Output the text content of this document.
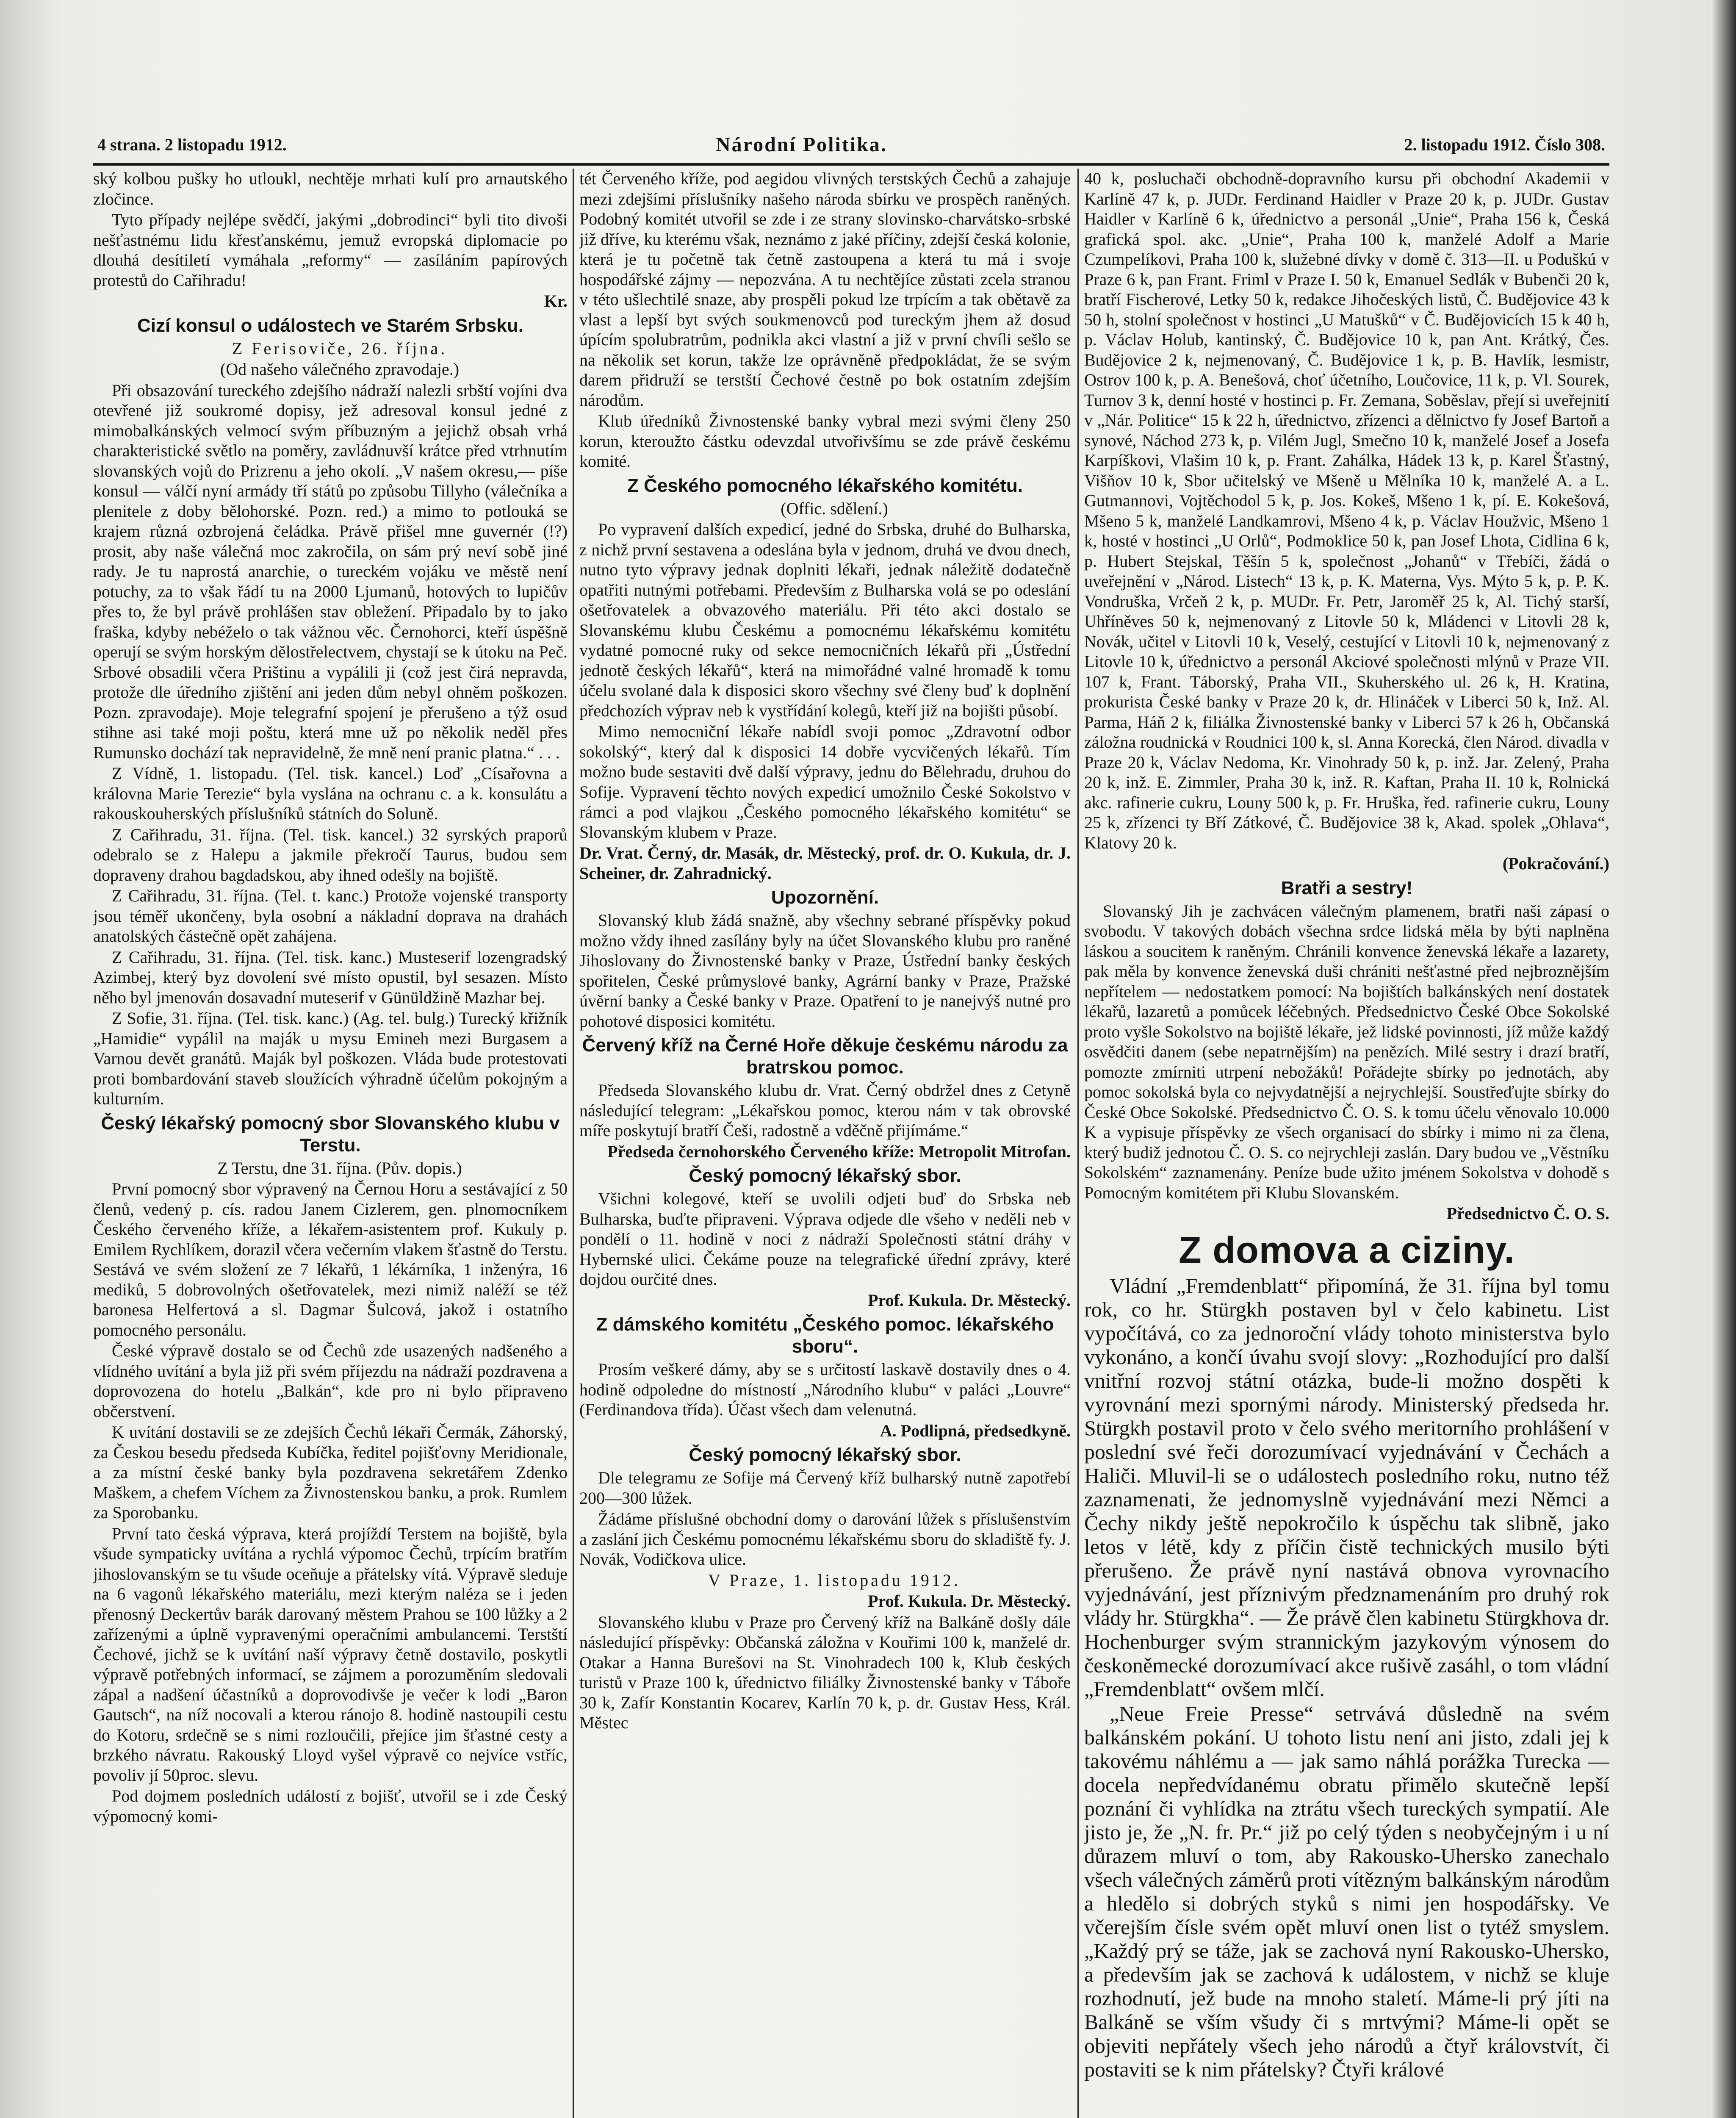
4 strana. 2 listopadu 1912.	Národní Politika.	2. listopadu 1912. Číslo 308.

ský kolbou pušky ho utloukl, nechtěje mrhati kulí pro arnautského zločince.

Tyto případy nejlépe svědčí, jakými „dobrodinci“ byli tito divoši nešťastnému lidu křesťanskému, jemuž evropská diplomacie po dlouhá desítiletí vymáhala „reformy“ — zasíláním papírových protestů do Cařihradu!

Kr.

Cizí konsul o událostech ve Starém Srbsku.

Z Ferisoviče, 26. října.

(Od našeho válečného zpravodaje.)

Při obsazování tureckého zdejšího nádraží nalezli srbští vojíni dva otevřené již soukromé dopisy, jež adresoval konsul jedné z mimobalkánských velmocí svým příbuzným a jejichž obsah vrhá charakteristické světlo na poměry, zavládnuvší krátce před vtrhnutím slovanských vojů do Prizrenu a jeho okolí. „V našem okresu,— píše konsul — válčí nyní armády tří států po způsobu Tillyho (válečníka a plenitele z doby bělohorské. Pozn. red.) a mimo to potlouká se krajem různá ozbrojená čeládka. Právě přišel mne guvernér (!?) prosit, aby naše válečná moc zakročila, on sám prý neví sobě jiné rady. Je tu naprostá anarchie, o tureckém vojáku ve městě není potuchy, za to však řádí tu na 2000 Ljumanů, hotových to lupičův přes to, že byl právě prohlášen stav obležení. Připadalo by to jako fraška, kdyby nebéželo o tak vážnou věc. Černohorci, kteří úspěšně operují se svým horským dělostřelectvem, chystají se k útoku na Peč. Srbové obsadili včera Prištinu a vypálili ji (což jest čirá nepravda, protože dle úředního zjištění ani jeden dům nebyl ohněm poškozen. Pozn. zpravodaje). Moje telegrafní spojení je přerušeno a týž osud stihne asi také moji poštu, která mne už po několik neděl přes Rumunsko dochází tak nepravidelně, že mně není pranic platna.“ . . .

Z Vídně, 1. listopadu. (Tel. tisk. kancel.) Loď „Císařovna a královna Marie Terezie“ byla vyslána na ochranu c. a k. konsulátu a rakouskouherských příslušníků státních do Soluně.

Z Cařihradu, 31. října. (Tel. tisk. kancel.) 32 syrských praporů odebralo se z Halepu a jakmile překročí Taurus, budou sem dopraveny drahou bagdadskou, aby ihned odešly na bojiště.

Z Cařihradu, 31. října. (Tel. t. kanc.) Protože vojenské transporty jsou téměř ukončeny, byla osobní a nákladní doprava na drahách anatolských částečně opět zahájena.

Z Cařihradu, 31. října. (Tel. tisk. kanc.) Musteserif lozengradský Azimbej, který byz dovolení své místo opustil, byl sesazen. Místo něho byl jmenován dosavadní muteserif v Günüldžině Mazhar bej.

Z Sofie, 31. října. (Tel. tisk. kanc.) (Ag. tel. bulg.) Turecký křižník „Hamidie“ vypálil na maják u mysu Emineh mezi Burgasem a Varnou devět granátů. Maják byl poškozen. Vláda bude protestovati proti bombardování staveb sloužících výhradně účelům pokojným a kulturním.

Český lékařský pomocný sbor Slovanského klubu v Terstu.

Z Terstu, dne 31. října. (Pův. dopis.)

První pomocný sbor výpravený na Černou Horu a sestávající z 50 členů, vedený p. cís. radou Janem Cizlerem, gen. plnomocníkem Českého červeného kříže, a lékařem-asistentem prof. Kukuly p. Emilem Rychlíkem, dorazil včera večerním vlakem šťastně do Terstu. Sestává ve svém složení ze 7 lékařů, 1 lékárníka, 1 inženýra, 16 mediků, 5 dobrovolných ošetřovatelek, mezi nimiž naléží se též baronesa Helfertová a sl. Dagmar Šulcová, jakož i ostatního pomocného personálu.

České výpravě dostalo se od Čechů zde usazených nadšeného a vlídného uvítání a byla již při svém příjezdu na nádraží pozdravena a doprovozena do hotelu „Balkán“, kde pro ni bylo připraveno občerstvení.

K uvítání dostavili se ze zdejších Čechů lékaři Čermák, Záhorský, za Českou besedu předseda Kubíčka, ředitel pojišťovny Meridionale, a za místní české banky byla pozdravena sekretářem Zdenko Maškem, a chefem Víchem za Živnostenskou banku, a prok. Rumlem za Sporobanku.

První tato česká výprava, která projíždí Terstem na bojiště, byla všude sympaticky uvítána a rychlá výpomoc Čechů, trpícím bratřím jihoslovanským se tu všude oceňuje a přátelsky vítá. Výpravě sleduje na 6 vagonů lékařského materiálu, mezi kterým naléza se i jeden přenosný Deckertův barák darovaný městem Prahou se 100 lůžky a 2 zařízenými a úplně vypravenými operačními ambulancemi. Terstští Čechové, jichž se k uvítání naší výpravy četně dostavilo, poskytli výpravě potřebných informací, se zájmem a porozuměním sledovali zápal a nadšení účastníků a doprovodivše je večer k lodi „Baron Gautsch“, na níž nocovali a kterou ránojo 8. hodině nastoupili cestu do Kotoru, srdečně se s nimi rozloučili, přejíce jim šťastné cesty a brzkého návratu. Rakouský Lloyd vyšel výpravě co nejvíce vstříc, povoliv jí 50proc. slevu.

Pod dojmem posledních událostí z bojišť, utvořil se i zde Český výpomocný komi-

tét Červeného kříže, pod aegidou vlivných terstských Čechů a zahajuje mezi zdejšími příslušníky našeho národa sbírku ve prospěch raněných. Podobný komitét utvořil se zde i ze strany slovinsko-charvátsko-srbské již dříve, ku kterému však, neznámo z jaké příčiny, zdejší česká kolonie, která je tu početně tak četně zastoupena a která tu má i svoje hospodářské zájmy — nepozvána. A tu nechtějíce zůstati zcela stranou v této ušlechtilé snaze, aby prospěli pokud lze trpícím a tak obětavě za vlast a lepší byt svých soukmenovců pod tureckým jhem až dosud úpícím spolubratrům, podnikla akci vlastní a již v první chvíli sešlo se na několik set korun, takže lze oprávněně předpokládat, že se svým darem přidruží se terstští Čechové čestně po bok ostatním zdejším národům.

Klub úředníků Živnostenské banky vybral mezi svými členy 250 korun, kteroužto částku odevzdal utvořivšímu se zde právě českému komité.

Z Českého pomocného lékařského komitétu.

(Offic. sdělení.)

Po vypravení dalších expedicí, jedné do Srbska, druhé do Bulharska, z nichž první sestavena a odeslána byla v jednom, druhá ve dvou dnech, nutno tyto výpravy jednak doplniti lékaři, jednak náležitě dodatečně opatřiti nutnými potřebami. Především z Bulharska volá se po odeslání ošetřovatelek a obvazového materiálu. Při této akci dostalo se Slovanskému klubu Českému a pomocnému lékařskému komitétu vydatné pomocné ruky od sekce nemocničních lékařů při „Ústřední jednotě českých lékařů“, která na mimořádné valné hromadě k tomu účelu svolané dala k disposici skoro všechny své členy buď k doplnění předchozích výprav neb k vystřídání kolegů, kteří již na bojišti působí.

Mimo nemocniční lékaře nabídl svoji pomoc „Zdravotní odbor sokolský“, který dal k disposici 14 dobře vycvičených lékařů. Tím možno bude sestaviti dvě další výpravy, jednu do Bělehradu, druhou do Sofije. Vypravení těchto nových expedicí umožnilo České Sokolstvo v rámci a pod vlajkou „Českého pomocného lékařského komitétu“ se Slovanským klubem v Praze.

Dr. Vrat. Černý, dr. Masák, dr. Městecký, prof. dr. O. Kukula, dr. J. Scheiner, dr. Zahradnický.

Upozornění.

Slovanský klub žádá snažně, aby všechny sebrané příspěvky pokud možno vždy ihned zasílány byly na účet Slovanského klubu pro raněné Jihoslovany do Živnostenské banky v Praze, Ústřední banky českých spořitelen, České průmyslové banky, Agrární banky v Praze, Pražské úvěrní banky a České banky v Praze. Opatření to je nanejvýš nutné pro pohotové disposici komitétu.

Červený kříž na Černé Hoře děkuje českému národu za bratrskou pomoc.

Předseda Slovanského klubu dr. Vrat. Černý obdržel dnes z Cetyně následující telegram: „Lékařskou pomoc, kterou nám v tak obrovské míře poskytují bratří Češi, radostně a vděčně přijímáme.“

Předseda černohorského Červeného kříže: Metropolit Mitrofan.

Český pomocný lékařský sbor.

Všichni kolegové, kteří se uvolili odjeti buď do Srbska neb Bulharska, buďte připraveni. Výprava odjede dle všeho v neděli neb v pondělí o 11. hodině v noci z nádraží Společnosti státní dráhy v Hybernské ulici. Čekáme pouze na telegrafické úřední zprávy, které dojdou ourčité dnes.

Prof. Kukula. Dr. Městecký.

Z dámského komitétu „Českého pomoc. lékařského sboru“.

Prosím veškeré dámy, aby se s určitostí laskavě dostavily dnes o 4. hodině odpoledne do místností „Národního klubu“ v paláci „Louvre“ (Ferdinandova třída). Účast všech dam velenutná.

A. Podlipná, předsedkyně.

Český pomocný lékařský sbor.

Dle telegramu ze Sofije má Červený kříž bulharský nutně zapotřebí 200—300 lůžek.

Žádáme příslušné obchodní domy o darování lůžek s příslušenstvím a zaslání jich Českému pomocnému lékařskému sboru do skladiště fy. J. Novák, Vodičkova ulice.

V Praze, 1. listopadu 1912.

Prof. Kukula. Dr. Městecký.

Slovanského klubu v Praze pro Červený kříž na Balkáně došly dále následující příspěvky: Občanská záložna v Kouřimi 100 k, manželé dr. Otakar a Hanna Burešovi na St. Vinohradech 100 k, Klub českých turistů v Praze 100 k, úřednictvo filiálky Živnostenské banky v Táboře 30 k, Zafír Konstantin Kocarev, Karlín 70 k, p. dr. Gustav Hess, Král. Městec

40 k, posluchači obchodně-dopravního kursu při obchodní Akademii v Karlíně 47 k, p. JUDr. Ferdinand Haidler v Praze 20 k, p. JUDr. Gustav Haidler v Karlíně 6 k, úřednictvo a personál „Unie“, Praha 156 k, Česká grafická spol. akc. „Unie“, Praha 100 k, manželé Adolf a Marie Czumpelíkovi, Praha 100 k, služebné dívky v domě č. 313—II. u Poduškú v Praze 6 k, pan Frant. Friml v Praze I. 50 k, Emanuel Sedlák v Bubenči 20 k, bratří Fischerové, Letky 50 k, redakce Jihočeských listů, Č. Budějovice 43 k 50 h, stolní společnost v hostinci „U Matušků“ v Č. Budějovicích 15 k 40 h, p. Václav Holub, kantinský, Č. Budějovice 10 k, pan Ant. Krátký, Čes. Budějovice 2 k, nejmenovaný, Č. Budějovice 1 k, p. B. Havlík, lesmistr, Ostrov 100 k, p. A. Benešová, choť účetního, Loučovice, 11 k, p. Vl. Sourek, Turnov 3 k, denní hosté v hostinci p. Fr. Zemana, Soběslav, přejí si uveřejnití v „Nár. Politice“ 15 k 22 h, úřednictvo, zřízenci a dělnictvo fy Josef Bartoň a synové, Náchod 273 k, p. Vilém Jugl, Smečno 10 k, manželé Josef a Josefa Karpíškovi, Vlašim 10 k, p. Frant. Zahálka, Hádek 13 k, p. Karel Šťastný, Višňov 10 k, Sbor učitelský ve Mšeně u Mělníka 10 k, manželé A. a L. Gutmannovi, Vojtěchodol 5 k, p. Jos. Kokeš, Mšeno 1 k, pí. E. Kokešová, Mšeno 5 k, manželé Landkamrovi, Mšeno 4 k, p. Václav Houžvic, Mšeno 1 k, hosté v hostinci „U Orlů“, Podmoklice 50 k, pan Josef Lhota, Cidlina 6 k, p. Hubert Stejskal, Těšín 5 k, společnost „Johanů“ v Třebíči, žádá o uveřejnění v „Národ. Listech“ 13 k, p. K. Materna, Vys. Mýto 5 k, p. P. K. Vondruška, Vrčeň 2 k, p. MUDr. Fr. Petr, Jaroměř 25 k, Al. Tichý starší, Uhříněves 50 k, nejmenovaný z Litovle 50 k, Mládenci v Litovli 28 k, Novák, učitel v Litovli 10 k, Veselý, cestující v Litovli 10 k, nejmenovaný z Litovle 10 k, úřednictvo a personál Akciové společnosti mlýnů v Praze VII. 107 k, Frant. Táborský, Praha VII., Skuherského ul. 26 k, H. Kratina, prokurista České banky v Praze 20 k, dr. Hlináček v Liberci 50 k, Inž. Al. Parma, Háň 2 k, filiálka Živnostenské banky v Liberci 57 k 26 h, Občanská záložna roudnická v Roudnici 100 k, sl. Anna Korecká, člen Národ. divadla v Praze 20 k, Václav Nedoma, Kr. Vinohrady 50 k, p. inž. Jar. Zelený, Praha 20 k, inž. E. Zimmler, Praha 30 k, inž. R. Kaftan, Praha II. 10 k, Rolnická akc. rafinerie cukru, Louny 500 k, p. Fr. Hruška, řed. rafinerie cukru, Louny 25 k, zřízenci ty Bří Zátkové, Č. Budějovice 38 k, Akad. spolek „Ohlava“, Klatovy 20 k.

(Pokračování.)

Bratři a sestry!

Slovanský Jih je zachvácen válečným plamenem, bratři naši zápasí o svobodu. V takových dobách všechna srdce lidská měla by býti naplněna láskou a soucitem k raněným. Chránili konvence ženevská lékaře a lazarety, pak měla by konvence ženevská duši chrániti nešťastné před nejbroznějším nepřítelem — nedostatkem pomocí: Na bojištích balkánských není dostatek lékařů, lazaretů a pomůcek léčebných. Předsednictvo České Obce Sokolské proto vyšle Sokolstvo na bojiště lékaře, jež lidské povinnosti, jíž může každý osvědčiti danem (sebe nepatrnějším) na penězích. Milé sestry i drazí bratří, pomozte zmírniti utrpení nebožáků! Pořádejte sbírky po jednotách, aby pomoc sokolská byla co nejvydatnější a nejrychlejší. Soustřeďujte sbírky do České Obce Sokolské. Předsednictvo Č. O. S. k tomu účelu věnovalo 10.000 K a vypisuje příspěvky ze všech organisací do sbírky i mimo ni za člena, který budiž jednotou Č. O. S. co nejrychleji zaslán. Dary budou ve „Věstníku Sokolském“ zaznamenány. Peníze bude užito jménem Sokolstva v dohodě s Pomocným komitétem při Klubu Slovanském.

Předsednictvo Č. O. S.

Z domova a ciziny.

Vládní „Fremdenblatt“ připomíná, že 31. října byl tomu rok, co hr. Stürgkh postaven byl v čelo kabinetu. List vypočítává, co za jednoroční vlády tohoto ministerstva bylo vykonáno, a končí úvahu svojí slovy: „Rozhodující pro další vnitřní rozvoj státní otázka, bude-li možno dospěti k vyrovnání mezi spornými národy. Ministerský předseda hr. Stürgkh postavil proto v čelo svého meritorního prohlášení v poslední své řeči dorozumívací vyjednávání v Čechách a Haliči. Mluvil-li se o událostech posledního roku, nutno též zaznamenati, že jednomyslně vyjednávání mezi Němci a Čechy nikdy ještě nepokročilo k úspěchu tak slibně, jako letos v létě, kdy z příčin čistě technických musilo býti přerušeno. Že právě nyní nastává obnova vyrovnacího vyjednávání, jest příznivým předznamenáním pro druhý rok vlády hr. Stürgkha“. — Že právě člen kabinetu Stürgkhova dr. Hochenburger svým strannickým jazykovým výnosem do českoněmecké dorozumívací akce rušivě zasáhl, o tom vládní „Fremdenblatt“ ovšem mlčí.

„Neue Freie Presse“ setrvává důsledně na svém balkánském pokání. U tohoto listu není ani jisto, zdali jej k takovému náhlému a — jak samo náhlá porážka Turecka — docela nepředvídanému obratu přimělo skutečně lepší poznání či vyhlídka na ztrátu všech tureckých sympatií. Ale jisto je, že „N. fr. Pr.“ již po celý týden s neobyčejným i u ní důrazem mluví o tom, aby Rakousko-Uhersko zanechalo všech válečných záměrů proti vítězným balkánským národům a hledělo si dobrých styků s nimi jen hospodářsky. Ve včerejším čísle svém opět mluví onen list o tytéž smyslem. „Každý prý se táže, jak se zachová nyní Rakousko-Uhersko, a především jak se zachová k událostem, v nichž se kluje rozhodnutí, jež bude na mnoho staletí. Máme-li prý jíti na Balkáně se vším všudy či s mrtvými? Máme-li opět se objeviti nepřátely všech jeho národů a čtyř královstvít, či postaviti se k nim přátelsky? Čtyři králové
